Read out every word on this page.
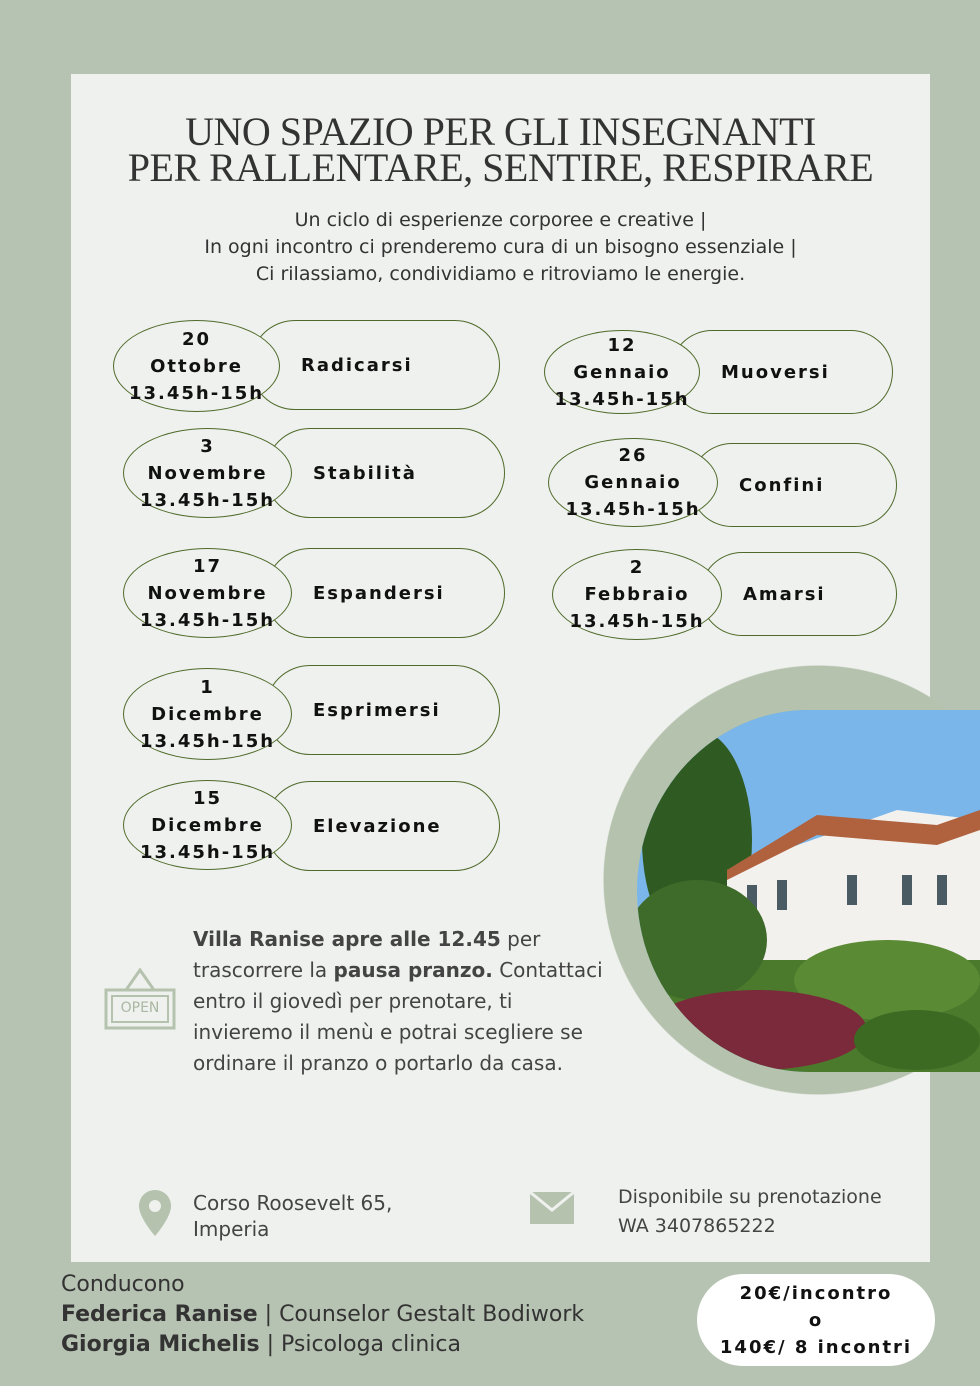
UNO SPAZIO PER GLI INSEGNANTI
PER RALLENTARE, SENTIRE, RESPIRARE
Un ciclo di esperienze corporee e creative |
In ogni incontro ci prenderemo cura di un bisogno essenziale |
Ci rilassiamo, condividiamo e ritroviamo le energie.
Radicarsi
20
Ottobre
13.45h-15h
Stabilità
3
Novembre
13.45h-15h
Espandersi
17
Novembre
13.45h-15h
Esprimersi
1
Dicembre
13.45h-15h
Elevazione
15
Dicembre
13.45h-15h
Muoversi
12
Gennaio
13.45h-15h
Confini
26
Gennaio
13.45h-15h
Amarsi
2
Febbraio
13.45h-15h
OPEN
Villa Ranise apre alle 12.45 per trascorrere la pausa pranzo. Contattaci entro il giovedì per prenotare, ti invieremo il menù e potrai scegliere se ordinare il pranzo o portarlo da casa.
Corso Roosevelt 65,
Imperia
Disponibile su prenotazione
WA 3407865222
Conducono
Federica Ranise | Counselor Gestalt Bodiwork
Giorgia Michelis | Psicologa clinica
20€/incontro
o
140€/ 8 incontri
